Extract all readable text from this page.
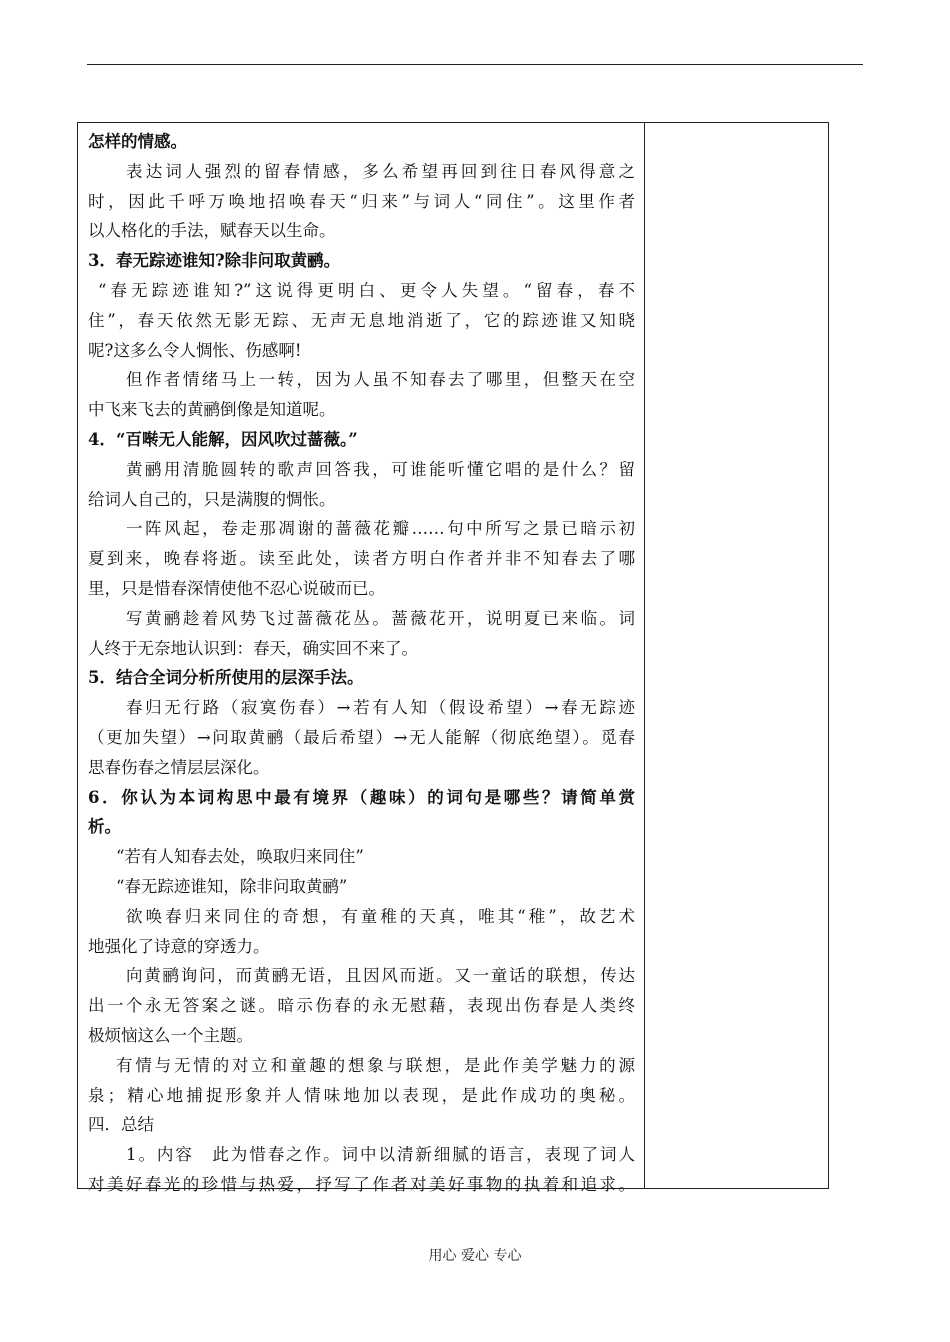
怎样的情感。
表达词人强烈的留春情感，多么希望再回到往日春风得意之
时，因此千呼万唤地招唤春天“归来”与词人“同住”。这里作者
以人格化的手法，赋春天以生命。
3．春无踪迹谁知?除非问取黄鹂。
“春无踪迹谁知?”这说得更明白、更令人失望。“留春，春不
住”，春天依然无影无踪、无声无息地消逝了，它的踪迹谁又知晓
呢?这多么令人惆怅、伤感啊!
但作者情绪马上一转，因为人虽不知春去了哪里，但整天在空
中飞来飞去的黄鹂倒像是知道呢。
4．“百啭无人能解，因风吹过蔷薇。”
黄鹂用清脆圆转的歌声回答我，可谁能听懂它唱的是什么？留
给词人自己的，只是满腹的惆怅。
一阵风起，卷走那凋谢的蔷薇花瓣……句中所写之景已暗示初
夏到来，晚春将逝。读至此处，读者方明白作者并非不知春去了哪
里，只是惜春深情使他不忍心说破而已。
写黄鹂趁着风势飞过蔷薇花丛。蔷薇花开，说明夏已来临。词
人终于无奈地认识到：春天，确实回不来了。
5．结合全词分析所使用的层深手法。
春归无行路（寂寞伤春）→若有人知（假设希望）→春无踪迹
（更加失望）→问取黄鹂（最后希望）→无人能解（彻底绝望）。觅春
思春伤春之情层层深化。
6．你认为本词构思中最有境界（趣味）的词句是哪些？请简单赏
析。
“若有人知春去处，唤取归来同住”
“春无踪迹谁知，除非问取黄鹂”
欲唤春归来同住的奇想，有童稚的天真，唯其“稚”，故艺术
地强化了诗意的穿透力。
向黄鹂询问，而黄鹂无语，且因风而逝。又一童话的联想，传达
出一个永无答案之谜。暗示伤春的永无慰藉，表现出伤春是人类终
极烦恼这么一个主题。
有情与无情的对立和童趣的想象与联想，是此作美学魅力的源
泉；精心地捕捉形象并人情味地加以表现，是此作成功的奥秘。
四．总结
1。内容　此为惜春之作。词中以清新细腻的语言，表现了词人
对美好春光的珍惜与热爱，抒写了作者对美好事物的执着和追求。
用心 爱心 专心
